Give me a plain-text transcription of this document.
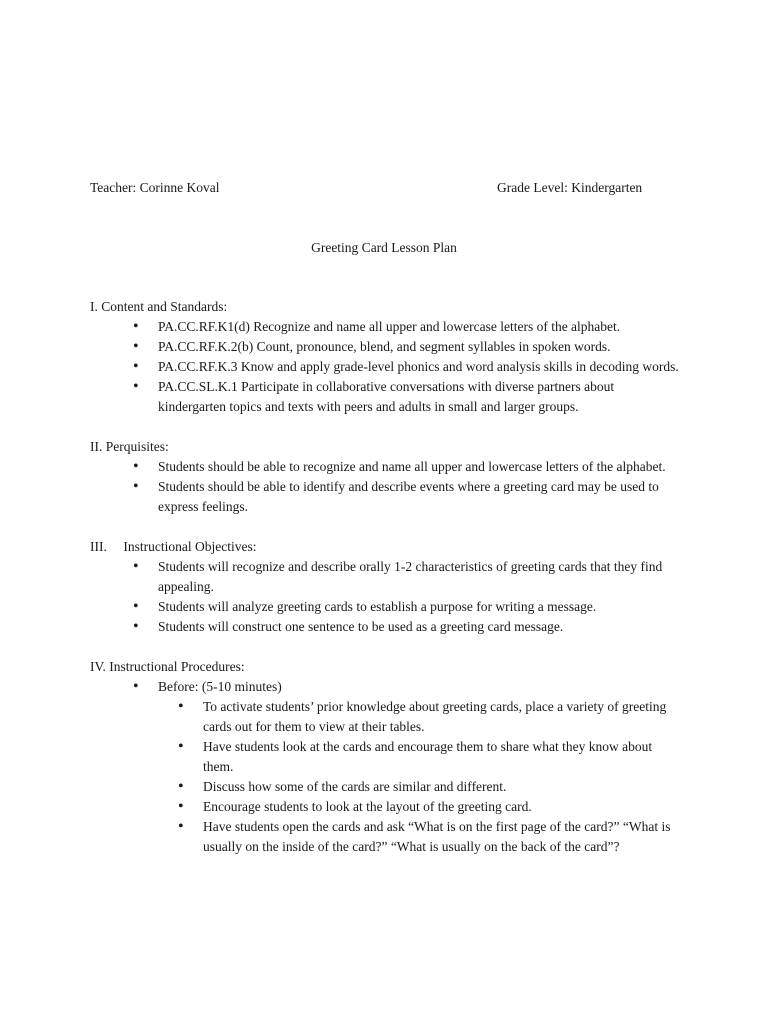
Teacher: Corinne Koval	Grade Level: Kindergarten
Greeting Card Lesson Plan
I. Content and Standards:
• PA.CC.RF.K1(d) Recognize and name all upper and lowercase letters of the alphabet.
• PA.CC.RF.K.2(b) Count, pronounce, blend, and segment syllables in spoken words.
• PA.CC.RF.K.3 Know and apply grade-level phonics and word analysis skills in decoding words.
• PA.CC.SL.K.1 Participate in collaborative conversations with diverse partners about kindergarten topics and texts with peers and adults in small and larger groups.
II. Perquisites:
• Students should be able to recognize and name all upper and lowercase letters of the alphabet.
• Students should be able to identify and describe events where a greeting card may be used to express feelings.
III. Instructional Objectives:
• Students will recognize and describe orally 1-2 characteristics of greeting cards that they find appealing.
• Students will analyze greeting cards to establish a purpose for writing a message.
• Students will construct one sentence to be used as a greeting card message.
IV. Instructional Procedures:
• Before: (5-10 minutes)
• To activate students’ prior knowledge about greeting cards, place a variety of greeting cards out for them to view at their tables.
• Have students look at the cards and encourage them to share what they know about them.
• Discuss how some of the cards are similar and different.
• Encourage students to look at the layout of the greeting card.
• Have students open the cards and ask “What is on the first page of the card?” “What is usually on the inside of the card?” “What is usually on the back of the card”?
